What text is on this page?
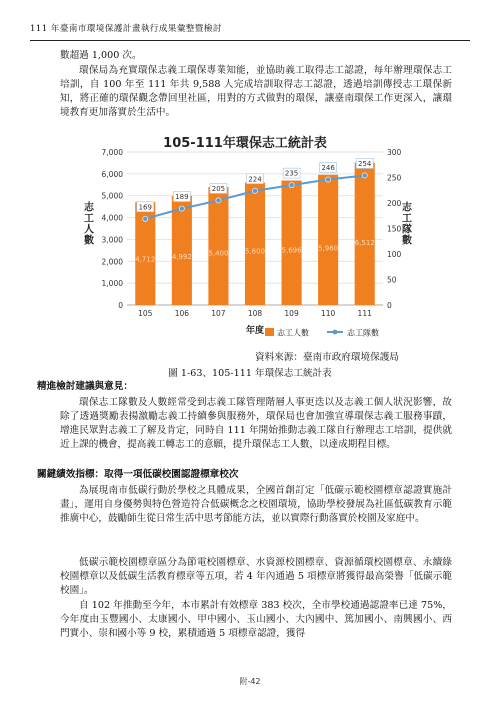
111 年臺南市環境保護計畫執行成果彙整暨檢討
數超過 1,000 次。
環保局為充實環保志義工環保專業知能，並協助義工取得志工認證，每年辦理環保志工培訓，自 100 年至 111 年共 9,588 人完成培訓取得志工認證，透過培訓傳授志工環保新知，將正確的環保觀念帶回里社區，用對的方式做對的環保，讓臺南環保工作更深入，讓環境教育更加落實於生活中。
105-111年環保志工統計表
0
1,000
2,000
3,000
4,000
5,000
6,000
7,000
0
50
100
150
200
250
300
4,712 4,992 5,400 5,600 5,696 5,960
6,512
105	106	107	108	109	110	111
169
189
205
224
235
246
254
志工人數
志工隊數
年度 志工人數	志工隊數
資料來源：臺南市政府環境保護局
圖 1-63、105-111 年環保志工統計表
精進檢討建議與意見：
環保志工隊數及人數經常受到志義工隊管理階層人事更迭以及志義工個人狀況影響，故除了透過獎勵表揚激勵志義工持續參與服務外，環保局也會加強宣導環保志義工服務事蹟，增進民眾對志義工了解及肯定，同時自 111 年開始推動志義工隊自行辦理志工培訓，提供就近上課的機會，提高義工轉志工的意願，提升環保志工人數，以達成期程目標。
關鍵績效指標：取得一項低碳校園認證標章校次
為展現南市低碳行動於學校之具體成果，全國首創訂定「低碳示範校園標章認證實施計畫」，運用自身優勢與特色營造符合低碳概念之校園環境，協助學校發展為社區低碳教育示範推廣中心，鼓勵師生從日常生活中思考節能方法，並以實際行動落實於校園及家庭中。
低碳示範校園標章區分為節電校園標章、水資源校園標章、資源循環校園標章、永續綠校園標章以及低碳生活教育標章等五項，若 4 年內通過 5 項標章將獲得最高榮譽「低碳示範校園」。
自 102 年推動至今年，本市累計有效標章 383 校次，全市學校通過認證率已達 75%，今年度由玉豐國小、太康國小、甲中國小、玉山國小、大內國中、篤加國小、南興國小、西門實小、崇和國小等 9 校，累積通過 5 項標章認證，獲得
附-42
